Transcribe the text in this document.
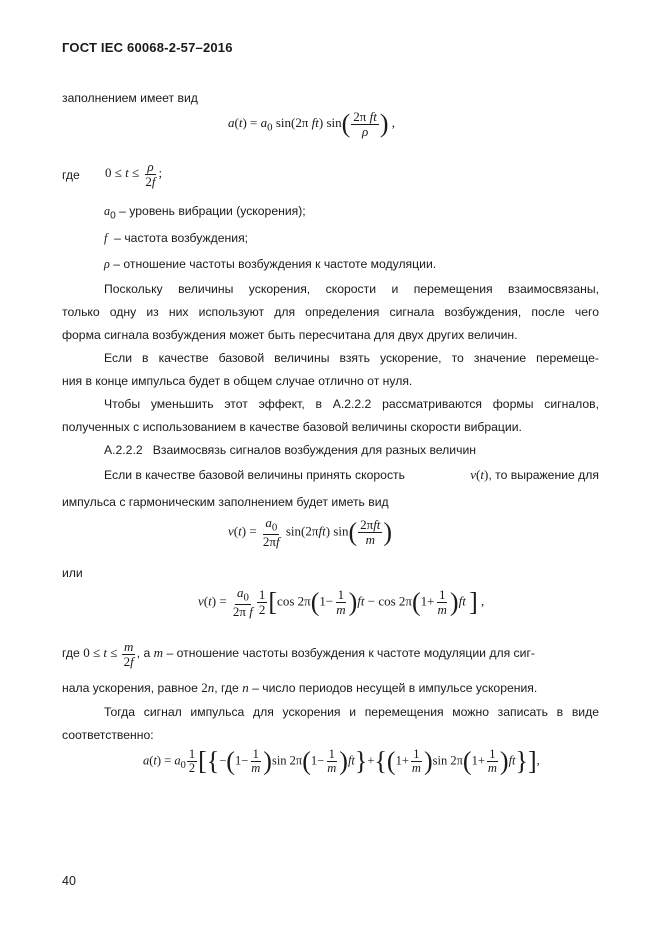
ГОСТ IEC 60068-2-57–2016
заполнением имеет вид
$a(t) = a_0$ sin(2π ft) $\sin( \frac{\text{2π ft}}{\rho}$ ) ,
где $0 \le t \le \frac{\rho}{2f}$ ;
$a_0$ – уровень вибрации (ускорения);
f – частота возбуждения;
ρ – отношение частоты возбуждения к частоте модуляции.
Поскольку величины ускорения, скорости и перемещения взаимосвязаны,
только одну из них используют для определения сигнала возбуждения, после чего
форма сигнала возбуждения может быть пересчитана для двух других величин.
Если в качестве базовой величины взять ускорение, то значение перемеще-
ния в конце импульса будет в общем случае отлично от нуля.
Чтобы уменьшить этот эффект, в А.2.2.2 рассматриваются формы сигналов,
полученных с использованием в качестве базовой величины скорости вибрации.
А.2.2.2   Взаимосвязь сигналов возбуждения для разных величин
Если в качестве базовой величины принять скорость	v(t), то выражение для
импульса с гармоническим заполнением будет иметь вид
$v(t) = \frac{a_0}{2\pi f} \sin(2\pi ft)$ $\sin( \frac{\text{2πft}}{m}$ )
или
$v(t) = \frac{a_0}{\text{2π f}} \frac{1}{2} [\cos$ $2\pi(1- \frac{1}{m} )ft - \cos 2\pi(1+ \frac{1}{m} )ft$ ] ,
где $0 \le t \le \frac{m}{2f}$ , а m – отношение частоты возбуждения к частоте модуляции для сиг-
нала ускорения, равное 2n, где n – число периодов несущей в импульсе ускорения.
Тогда сигнал импульса для ускорения и перемещения можно записать в виде
соответственно:
$a(t) = a_0 \frac{1}{2} [\{-(1- \frac{1}{m} )\sin$ $2\pi(1- \frac{1}{m} )ft\}+\{(1+ \frac{1}{m} )\sin$ $2\pi(1+ \frac{1}{m} )ft$}],
40
